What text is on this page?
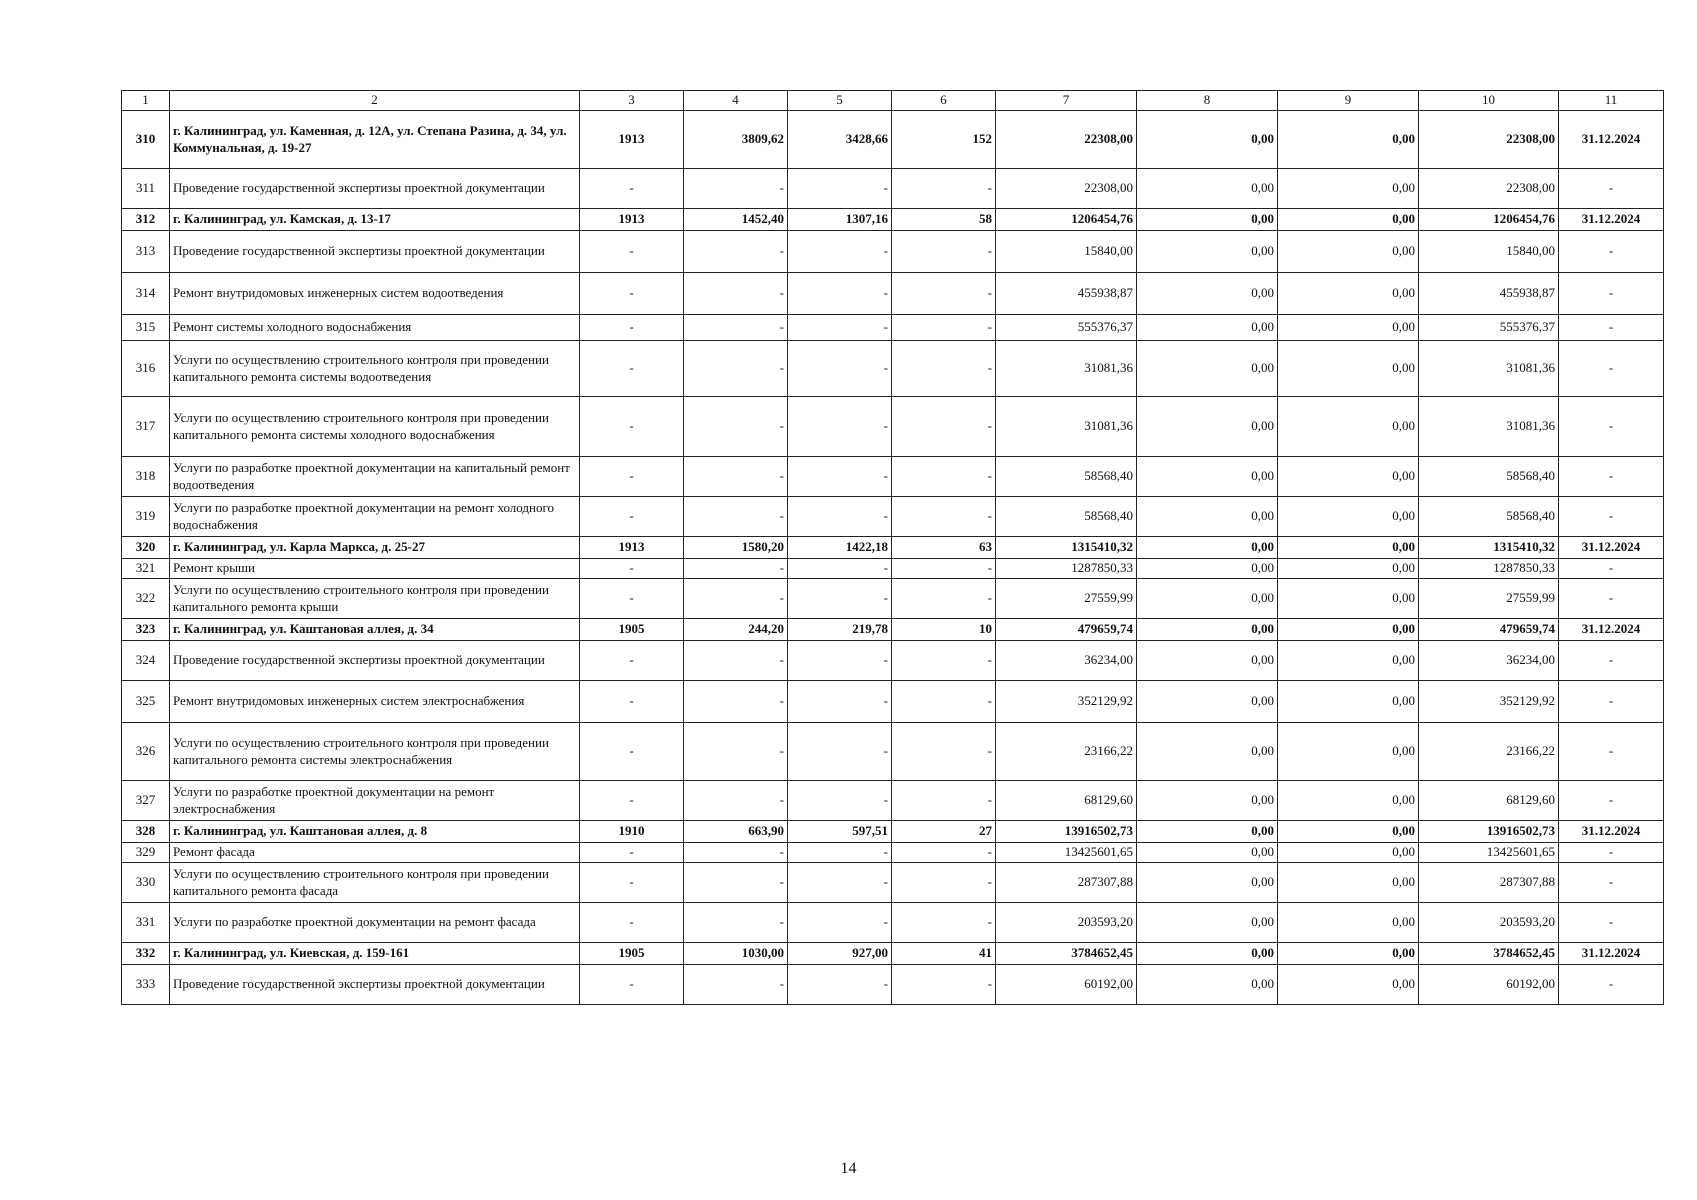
1	2	3	4	5	6	7	8	9	10	11
310	г. Калининград, ул. Каменная, д. 12А, ул. Степана Разина, д. 34, ул. Коммунальная, д. 19-27	1913	3809,62	3428,66	152	22308,00	0,00	0,00	22308,00	31.12.2024
311	Проведение государственной экспертизы проектной документации	-	-	-	-	22308,00	0,00	0,00	22308,00	-
312	г. Калининград, ул. Камская, д. 13-17	1913	1452,40	1307,16	58	1206454,76	0,00	0,00	1206454,76	31.12.2024
313	Проведение государственной экспертизы проектной документации	-	-	-	-	15840,00	0,00	0,00	15840,00	-
314	Ремонт внутридомовых инженерных систем водоотведения	-	-	-	-	455938,87	0,00	0,00	455938,87	-
315	Ремонт системы холодного водоснабжения	-	-	-	-	555376,37	0,00	0,00	555376,37	-
316	Услуги по осуществлению строительного контроля при проведении капитального ремонта системы водоотведения	-	-	-	-	31081,36	0,00	0,00	31081,36	-
317	Услуги по осуществлению строительного контроля при проведении капитального ремонта системы холодного водоснабжения	-	-	-	-	31081,36	0,00	0,00	31081,36	-
318	Услуги по разработке проектной документации на капитальный ремонт водоотведения	-	-	-	-	58568,40	0,00	0,00	58568,40	-
319	Услуги по разработке проектной документации на ремонт холодного водоснабжения	-	-	-	-	58568,40	0,00	0,00	58568,40	-
320	г. Калининград, ул. Карла Маркса, д. 25-27	1913	1580,20	1422,18	63	1315410,32	0,00	0,00	1315410,32	31.12.2024
321	Ремонт крыши	-	-	-	-	1287850,33	0,00	0,00	1287850,33	-
322	Услуги по осуществлению строительного контроля при проведении капитального ремонта крыши	-	-	-	-	27559,99	0,00	0,00	27559,99	-
323	г. Калининград, ул. Каштановая аллея, д. 34	1905	244,20	219,78	10	479659,74	0,00	0,00	479659,74	31.12.2024
324	Проведение государственной экспертизы проектной документации	-	-	-	-	36234,00	0,00	0,00	36234,00	-
325	Ремонт внутридомовых инженерных систем электроснабжения	-	-	-	-	352129,92	0,00	0,00	352129,92	-
326	Услуги по осуществлению строительного контроля при проведении капитального ремонта системы электроснабжения	-	-	-	-	23166,22	0,00	0,00	23166,22	-
327	Услуги по разработке проектной документации на ремонт электроснабжения	-	-	-	-	68129,60	0,00	0,00	68129,60	-
328	г. Калининград, ул. Каштановая аллея, д. 8	1910	663,90	597,51	27	13916502,73	0,00	0,00	13916502,73	31.12.2024
329	Ремонт фасада	-	-	-	-	13425601,65	0,00	0,00	13425601,65	-
330	Услуги по осуществлению строительного контроля при проведении капитального ремонта фасада	-	-	-	-	287307,88	0,00	0,00	287307,88	-
331	Услуги по разработке проектной документации на ремонт фасада	-	-	-	-	203593,20	0,00	0,00	203593,20	-
332	г. Калининград, ул. Киевская, д. 159-161	1905	1030,00	927,00	41	3784652,45	0,00	0,00	3784652,45	31.12.2024
333	Проведение государственной экспертизы проектной документации	-	-	-	-	60192,00	0,00	0,00	60192,00	-
14
